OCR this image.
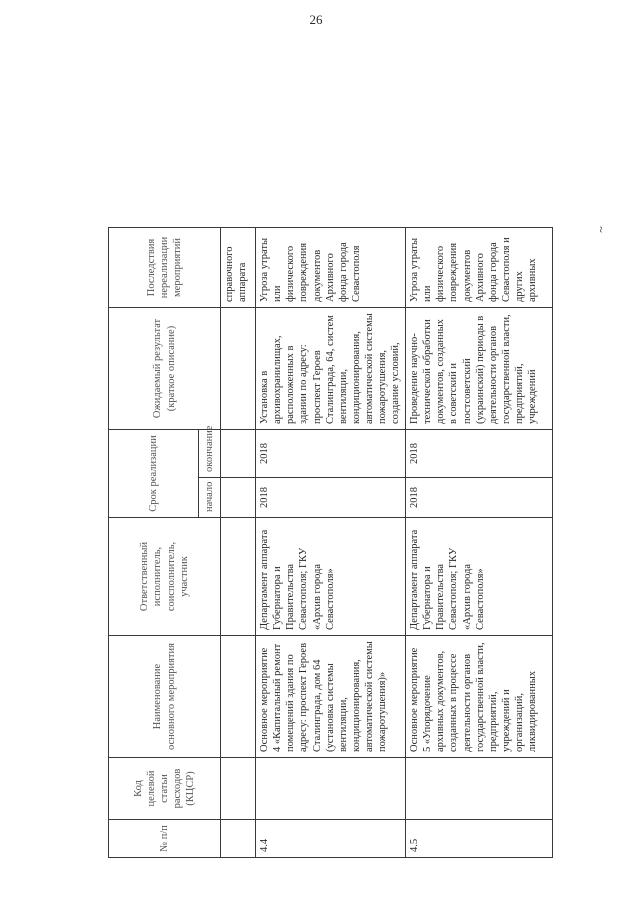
26
№ п/п	Код целевой статьи расходов (КЦСР)	Наименование основного мероприятия	Ответственный исполнитель, соисполнитель, участник	Срок реализации		Ожидаемый результат (краткое описание)	Последствия нереализации мероприятий	
				начало	окончание			
							справочного аппарата	

4.4		Основное мероприятие 4 «Капитальный ремонт помещений здания по адресу: проспект Героев Сталинграда, дом 64 (установка системы вентиляции, кондиционирования, автоматической системы пожаротушения)»	Департамент аппарата Губернатора и Правительства Севастополя; ГКУ «Архив города Севастополя»	2018	2018	Установка в архивохранилищах, расположенных в здании по адресу: проспект Героев Сталинграда, 64, систем вентиляции, кондиционирования, автоматической системы пожаротушения, создание условий,	Угроза утраты или физического повреждения документов Архивного фонда города Севастополя	

4.5		Основное мероприятие 5 «Упорядочение архивных документов, созданных в процессе деятельности органов государственной власти, предприятий, учреждений и организаций, ликвидированных	Департамент аппарата Губернатора и Правительства Севастополя; ГКУ «Архив города Севастополя»	2018	2018	Проведение научно-технической обработки документов, созданных в советский и постсоветский (украинский) периоды в деятельности органов государственной власти, предприятий, учреждений	Угроза утраты или физического повреждения документов Архивного фонда города Севастополя и других архивных	

~
